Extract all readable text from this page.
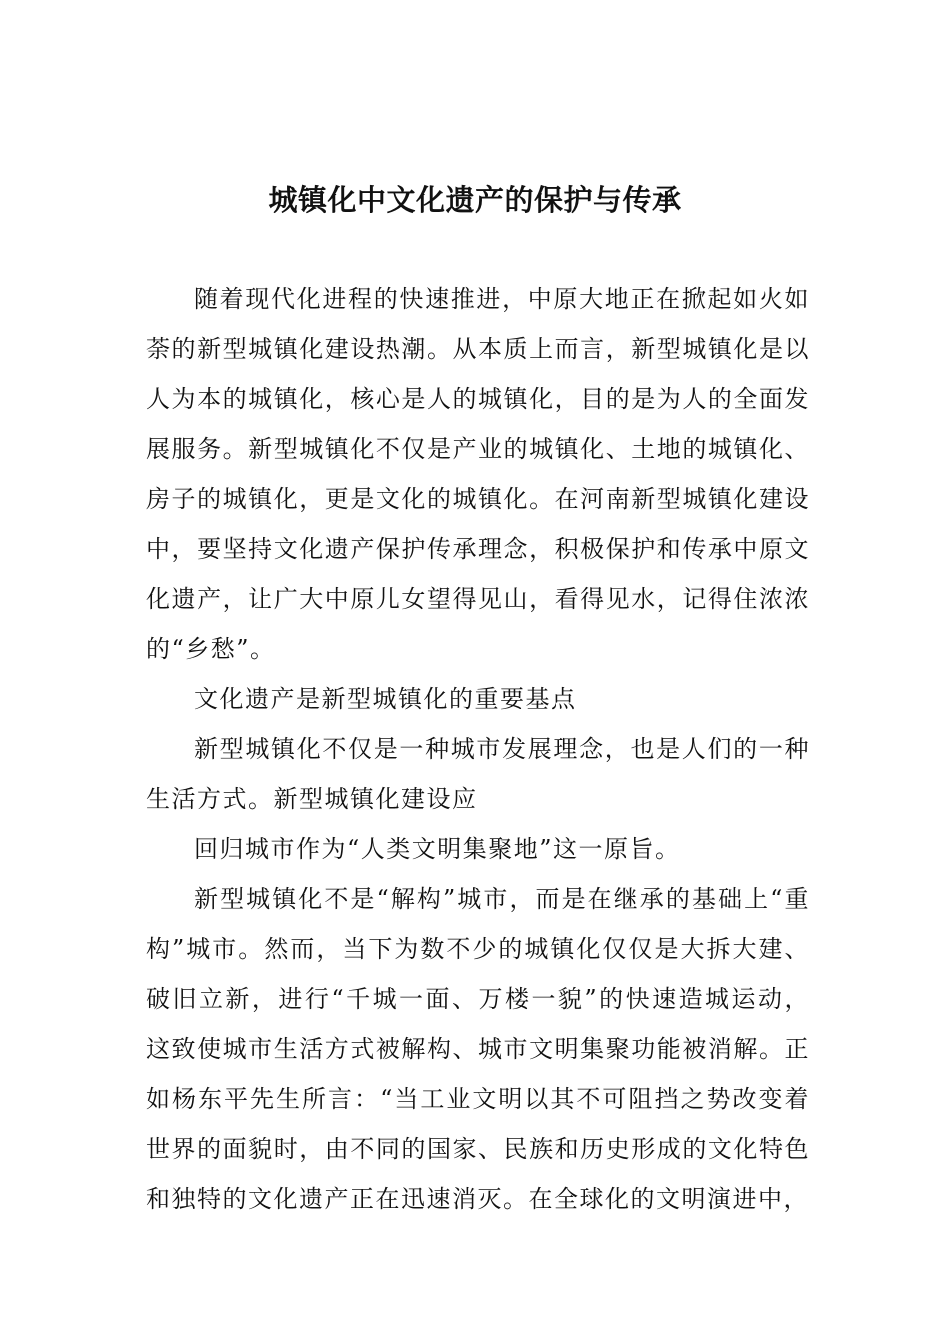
城镇化中文化遗产的保护与传承

随着现代化进程的快速推进，中原大地正在掀起如火如荼的新型城镇化建设热潮。从本质上而言，新型城镇化是以人为本的城镇化，核心是人的城镇化，目的是为人的全面发展服务。新型城镇化不仅是产业的城镇化、土地的城镇化、房子的城镇化，更是文化的城镇化。在河南新型城镇化建设中，要坚持文化遗产保护传承理念，积极保护和传承中原文化遗产，让广大中原儿女望得见山，看得见水，记得住浓浓的“乡愁”。

文化遗产是新型城镇化的重要基点

新型城镇化不仅是一种城市发展理念，也是人们的一种生活方式。新型城镇化建设应

回归城市作为“人类文明集聚地”这一原旨。

新型城镇化不是“解构”城市，而是在继承的基础上“重构”城市。然而，当下为数不少的城镇化仅仅是大拆大建、破旧立新，进行“千城一面、万楼一貌”的快速造城运动，这致使城市生活方式被解构、城市文明集聚功能被消解。正如杨东平先生所言：“当工业文明以其不可阻挡之势改变着世界的面貌时，由不同的国家、民族和历史形成的文化特色和独特的文化遗产正在迅速消灭。在全球化的文明演进中，
